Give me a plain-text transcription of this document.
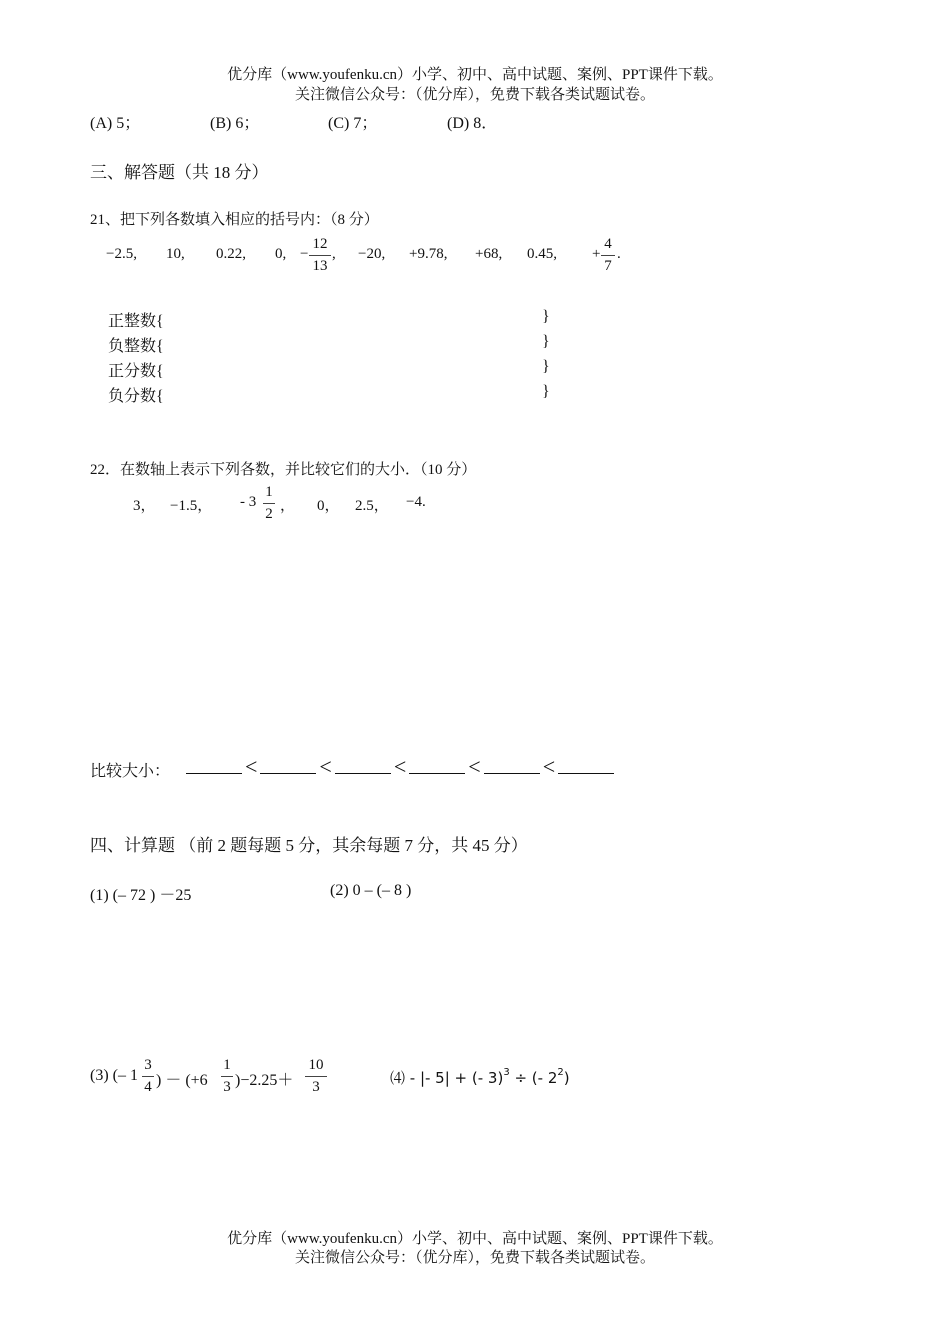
优分库（www.youfenku.cn）小学、初中、高中试题、案例、PPT课件下载。
关注微信公众号：（优分库），免费下载各类试题试卷。
(A) 5；	(B) 6；	(C) 7；	(D) 8．
三、解答题（共 18 分）
21、把下列各数填入相应的括号内：（8 分）
−2.5, 10, 0.22, 0, −
12
13
, −20, +9.78, +68, 0.45, +
4
7
.
正整数{
负整数{
正分数{
负分数{
}
}
}
}
22．在数轴上表示下列各数，并比较它们的大小．（10 分）
3， −1.5， - 3
1
2 ， 0， 2.5， −4.
比较大小：	<	<	<	<	<
四、计算题 （前 2 题每题 5 分，其余每题 7 分，共 45 分）
(1) (– 72 ) －25	(2) 0 – (– 8 )
(3) (– 1
3
4 ) － (+6
1
3 )−2.25＋
10
3	⑷ - |- 5| + (- 3)$^3$ ÷ (- $2^2$)
优分库（www.youfenku.cn）小学、初中、高中试题、案例、PPT课件下载。
关注微信公众号：（优分库），免费下载各类试题试卷。
